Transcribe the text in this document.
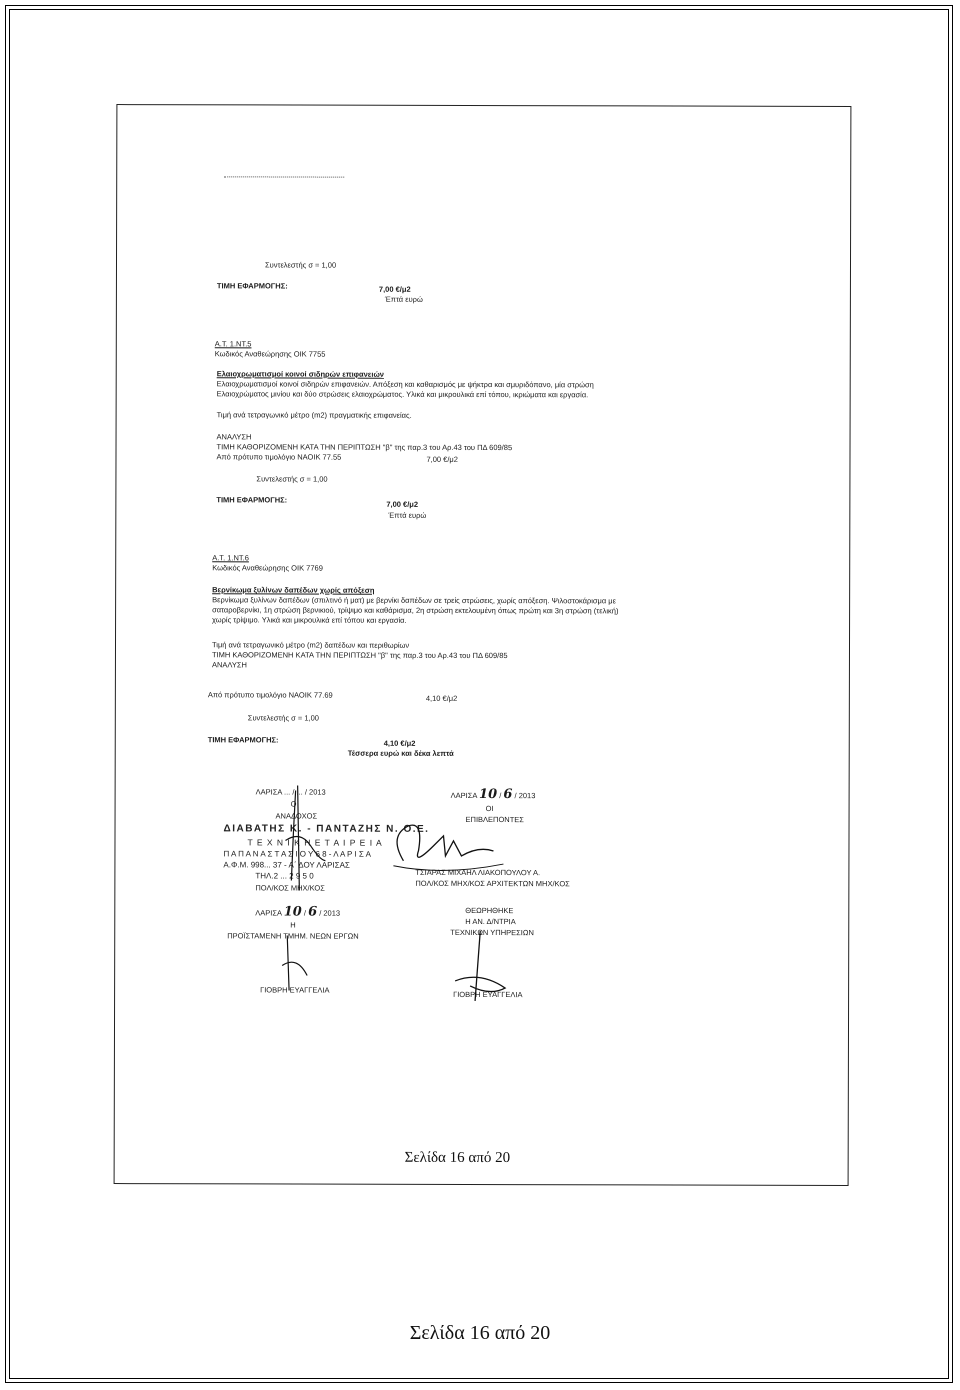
Συντελεστής σ = 1,00
ΤΙΜΗ ΕΦΑΡΜΟΓΗΣ:	7,00 €/μ2
Έπτά ευρώ
Α.Τ. 1.ΝΤ.5
Κωδικός Αναθεώρησης ΟΙΚ 7755
Ελαιοχρωματισμοί κοινοί σιδηρών επιφανειών
Ελαιοχρωματισμοί κοινοί σιδηρών επιφανειών. Απόξεση και καθαρισμός με ψήκτρα και σμυριδόπανο, μία στρώση
Ελαιοχρώματος μινίου και δύο στρώσεις ελαιοχρώματος. Υλικά και μικρουλικά επί τόπου, ικριώματα και εργασία.
Τιμή ανά τετραγωνικό μέτρο (m2) πραγματικής επιφανείας.
ΑΝΑΛΥΣΗ
ΤΙΜΗ ΚΑΘΟΡΙΖΟΜΕΝΗ ΚΑΤΑ ΤΗΝ ΠΕΡΙΠΤΩΣΗ "β" της παρ.3 του Αρ.43 του ΠΔ 609/85
Από πρότυπο τιμολόγιο ΝΑΟΙΚ 77.55	7,00 €/μ2
Συντελεστής σ = 1,00
ΤΙΜΗ ΕΦΑΡΜΟΓΗΣ:	7,00 €/μ2
Έπτά ευρώ
Α.Τ. 1.ΝΤ.6
Κωδικός Αναθεώρησης ΟΙΚ 7769
Βερνίκωμα ξυλίνων δαπέδων χωρίς απόξεση
Βερνίκωμα ξυλίνων δαπέδων (σπιλτινό ή ματ) με βερνίκι δαπέδων σε τρείς στρώσεις, χωρίς απόξεση. Ψιλοστοκάρισμα με
σαταροβερνίκι, 1η στρώση βερνικιού, τρίψιμο και καθάρισμα, 2η στρώση εκτελουμένη όπως πρώτη και 3η στρώση (τελική)
χωρίς τρίψιμο. Υλικά και μικρουλικά επί τόπου και εργασία.
Τιμή ανά τετραγωνικό μέτρο (m2) δαπέδων και περιθωρίων
ΤΙΜΗ ΚΑΘΟΡΙΖΟΜΕΝΗ ΚΑΤΑ ΤΗΝ ΠΕΡΙΠΤΩΣΗ "β" της παρ.3 του Αρ.43 του ΠΔ 609/85
ΑΝΑΛΥΣΗ
Από πρότυπο τιμολόγιο ΝΑΟΙΚ 77.69	4,10 €/μ2
Συντελεστής σ = 1,00
ΤΙΜΗ ΕΦΑΡΜΟΓΗΣ:	4,10 €/μ2
Τέσσερα ευρώ και δέκα λεπτά
ΛΑΡΙΣΑ ... / ... / 2013
Ο
ΑΝΑΔΟΧΟΣ
ΔΙΑΒΑΤΗΣ Κ. - ΠΑΝΤΑΖΗΣ Ν. Ο.Ε.
Τ Ε Χ Ν Ι Κ Η Ε Τ Α Ι Ρ Ε Ι Α
Π Α Π Α Ν Α Σ Τ Α Σ Ι Ο Υ 6 8 - Λ Α Ρ Ι Σ Α
Α.Φ.Μ. 998... 37 - Α΄ ΔΟΥ ΛΑΡΙΣΑΣ
ΤΗΛ.2 ... 2 9 5 0
ΠΟΛ/ΚΟΣ ΜΗΧ/ΚΟΣ
ΛΑΡΙΣΑ 10 / 6 / 2013
ΟΙ
ΕΠΙΒΛΕΠΟΝΤΕΣ
ΤΣΙΑΡΑΣ ΜΙΧΑΗΛ ΛΙΑΚΟΠΟΥΛΟΥ Α.
ΠΟΛ/ΚΟΣ ΜΗΧ/ΚΟΣ ΑΡΧΙΤΕΚΤΩΝ ΜΗΧ/ΚΟΣ
ΛΑΡΙΣΑ 10 / 6 / 2013
Η
ΠΡΟΪΣΤΑΜΕΝΗ ΤΜΗΜ. ΝΕΩΝ ΕΡΓΩΝ
ΓΙΟΒΡΗ ΕΥΑΓΓΕΛΙΑ
ΘΕΩΡΗΘΗΚΕ
Η ΑΝ. Δ/ΝΤΡΙΑ
ΤΕΧΝΙΚΩΝ ΥΠΗΡΕΣΙΩΝ
ΓΙΟΒΡΗ ΕΥΑΓΓΕΛΙΑ
Σελίδα 16 από 20
Σελίδα 16 από 20
